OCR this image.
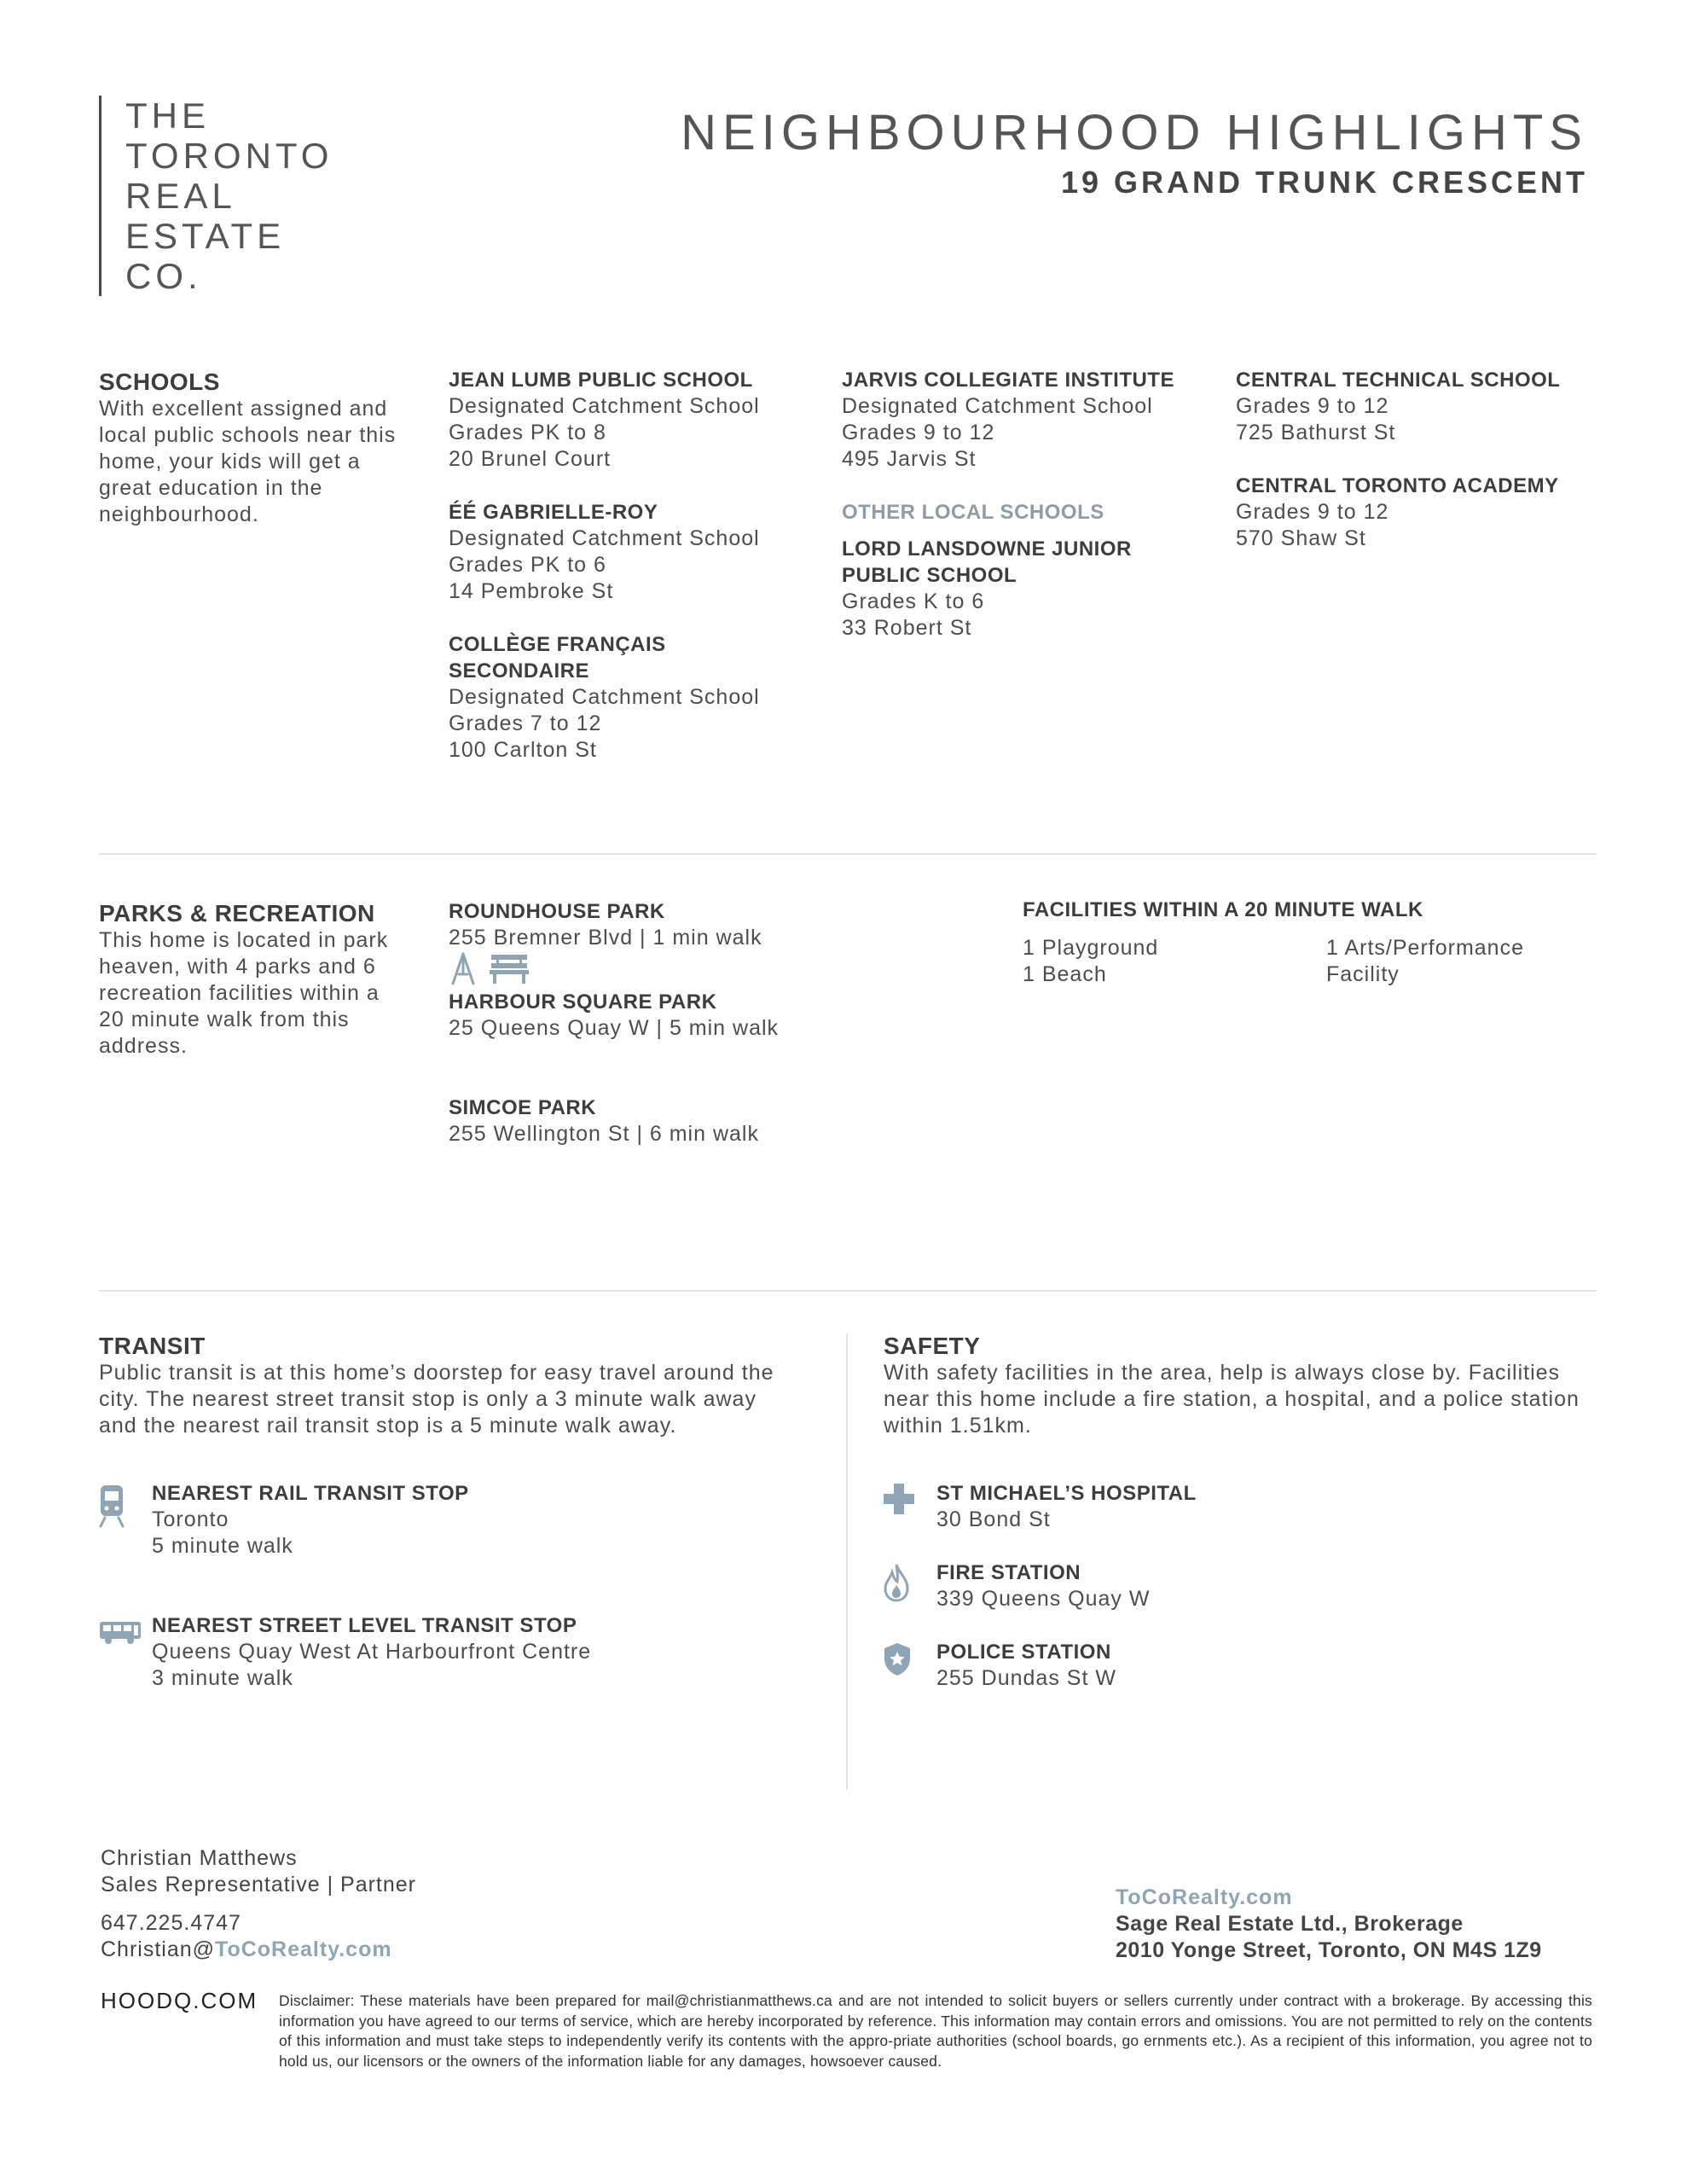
THE
TORONTO
REAL
ESTATE
CO.
NEIGHBOURHOOD HIGHLIGHTS
19 GRAND TRUNK CRESCENT
SCHOOLS
With excellent assigned and local public schools near this home, your kids will get a great education in the neighbourhood.
JEAN LUMB PUBLIC SCHOOL
Designated Catchment School
Grades PK to 8
20 Brunel Court
ÉÉ GABRIELLE-ROY
Designated Catchment School
Grades PK to 6
14 Pembroke St
COLLÈGE FRANÇAIS SECONDAIRE
Designated Catchment School
Grades 7 to 12
100 Carlton St
JARVIS COLLEGIATE INSTITUTE
Designated Catchment School
Grades 9 to 12
495 Jarvis St
OTHER LOCAL SCHOOLS
LORD LANSDOWNE JUNIOR PUBLIC SCHOOL
Grades K to 6
33 Robert St
CENTRAL TECHNICAL SCHOOL
Grades 9 to 12
725 Bathurst St
CENTRAL TORONTO ACADEMY
Grades 9 to 12
570 Shaw St
PARKS & RECREATION
This home is located in park heaven, with 4 parks and 6 recreation facilities within a 20 minute walk from this address.
ROUNDHOUSE PARK
255 Bremner Blvd | 1 min walk
HARBOUR SQUARE PARK
25 Queens Quay W | 5 min walk
SIMCOE PARK
255 Wellington St | 6 min walk
FACILITIES WITHIN A 20 MINUTE WALK
1 Playground
1 Beach
1 Arts/Performance
Facility
TRANSIT
Public transit is at this home’s doorstep for easy travel around the city. The nearest street transit stop is only a 3 minute walk away and the nearest rail transit stop is a 5 minute walk away.
NEAREST RAIL TRANSIT STOP
Toronto
5 minute walk
NEAREST STREET LEVEL TRANSIT STOP
Queens Quay West At Harbourfront Centre
3 minute walk
SAFETY
With safety facilities in the area, help is always close by. Facilities near this home include a fire station, a hospital, and a police station within 1.51km.
ST MICHAEL’S HOSPITAL
30 Bond St
FIRE STATION
339 Queens Quay W
POLICE STATION
255 Dundas St W
Christian Matthews
Sales Representative | Partner
647.225.4747
Christian@ToCoRealty.com
ToCoRealty.com
Sage Real Estate Ltd., Brokerage
2010 Yonge Street, Toronto, ON M4S 1Z9
HOODQ.COM Disclaimer: These materials have been prepared for mail@christianmatthews.ca and are not intended to solicit buyers or sellers currently under contract with a brokerage. By accessing this information you have agreed to our terms of service, which are hereby incorporated by reference. This information may contain errors and omissions. You are not permitted to rely on the contents of this information and must take steps to independently verify its contents with the appro-priate authorities (school boards, go ernments etc.). As a recipient of this information, you agree not to hold us, our licensors or the owners of the information liable for any damages, howsoever caused.
